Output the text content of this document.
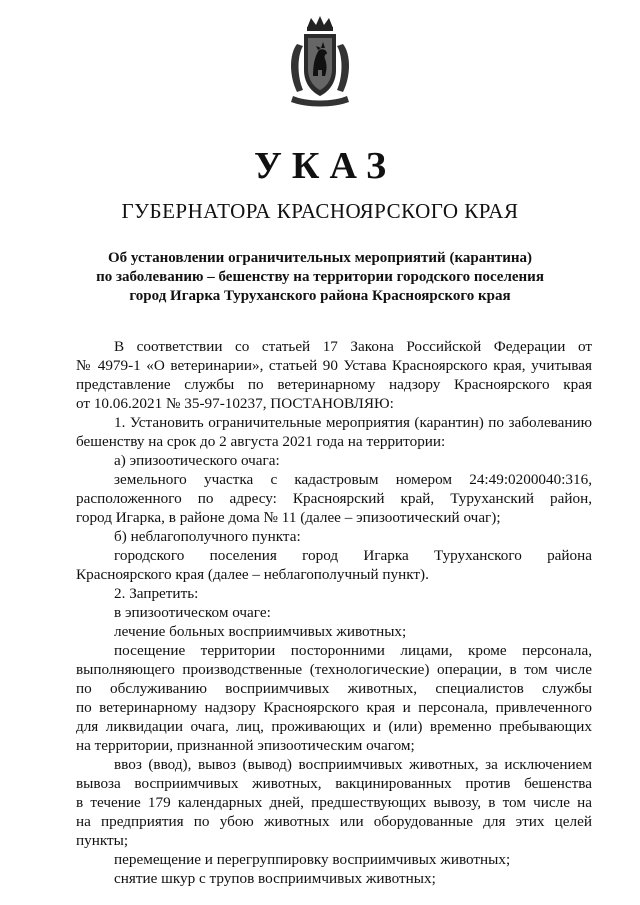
УКАЗ
ГУБЕРНАТОРА КРАСНОЯРСКОГО КРАЯ
Об установлении ограничительных мероприятий (карантина)
по заболеванию – бешенству на территории городского поселения
город Игарка Туруханского района Красноярского края
В соответствии со статьей 17 Закона Российской Федерации от
№ 4979-1 «О ветеринарии», статьей 90 Устава Красноярского края, учитывая
представление службы по ветеринарному надзору Красноярского края
от 10.06.2021 № 35-97-10237, ПОСТАНОВЛЯЮ:
1. Установить ограничительные мероприятия (карантин) по заболеванию
бешенству на срок до 2 августа 2021 года на территории:
а) эпизоотического очага:
земельного участка с кадастровым номером 24:49:0200040:316,
расположенного по адресу: Красноярский край, Туруханский район,
город Игарка, в районе дома № 11 (далее – эпизоотический очаг);
б) неблагополучного пункта:
городского поселения город Игарка Туруханского района
Красноярского края (далее – неблагополучный пункт).
2. Запретить:
в эпизоотическом очаге:
лечение больных восприимчивых животных;
посещение территории посторонними лицами, кроме персонала,
выполняющего производственные (технологические) операции, в том числе
по обслуживанию восприимчивых животных, специалистов службы
по ветеринарному надзору Красноярского края и персонала, привлеченного
для ликвидации очага, лиц, проживающих и (или) временно пребывающих
на территории, признанной эпизоотическим очагом;
ввоз (ввод), вывоз (вывод) восприимчивых животных, за исключением
вывоза восприимчивых животных, вакцинированных против бешенства
в течение 179 календарных дней, предшествующих вывозу, в том числе на
на предприятия по убою животных или оборудованные для этих целей
пункты;
перемещение и перегруппировку восприимчивых животных;
снятие шкур с трупов восприимчивых животных;
